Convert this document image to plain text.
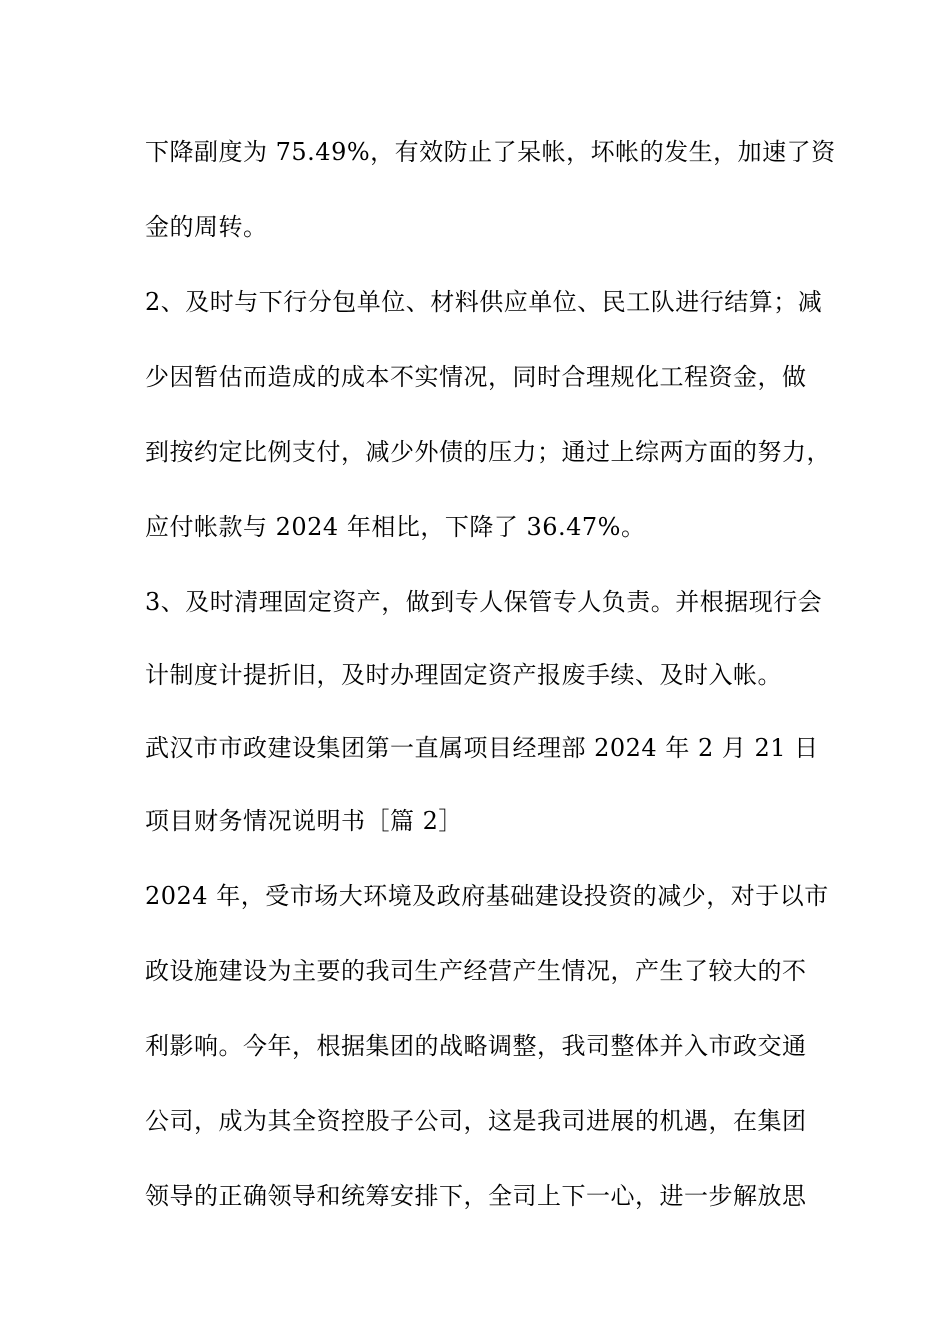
下降副度为 75.49%，有效防止了呆帐，坏帐的发生，加速了资
金的周转。
2、及时与下行分包单位、材料供应单位、民工队进行结算；减
少因暂估而造成的成本不实情况，同时合理规化工程资金，做
到按约定比例支付，减少外债的压力；通过上综两方面的努力，
应付帐款与 2024 年相比，下降了 36.47%。
3、及时清理固定资产，做到专人保管专人负责。并根据现行会
计制度计提折旧，及时办理固定资产报废手续、及时入帐。
武汉市市政建设集团第一直属项目经理部 2024 年 2 月 21 日
项目财务情况说明书［篇 2］
2024 年，受市场大环境及政府基础建设投资的减少，对于以市
政设施建设为主要的我司生产经营产生情况，产生了较大的不
利影响。今年，根据集团的战略调整，我司整体并入市政交通
公司，成为其全资控股子公司，这是我司进展的机遇，在集团
领导的正确领导和统筹安排下，全司上下一心，进一步解放思
